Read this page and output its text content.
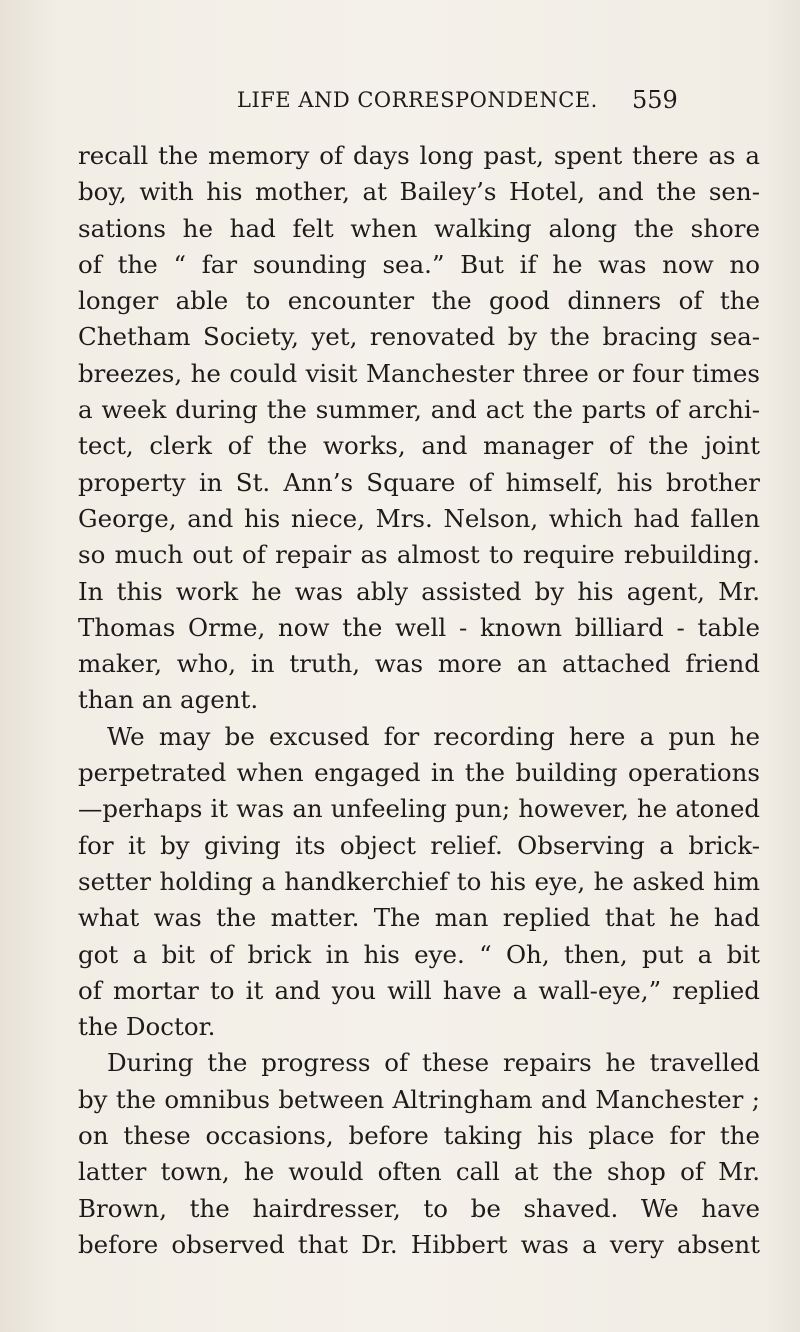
LIFE AND CORRESPONDENCE. 559
recall the memory of days long past, spent there as a
boy, with his mother, at Bailey’s Hotel, and the sen-
sations he had felt when walking along the shore
of the “ far sounding sea.” But if he was now no
longer able to encounter the good dinners of the
Chetham Society, yet, renovated by the bracing sea-
breezes, he could visit Manchester three or four times
a week during the summer, and act the parts of archi-
tect, clerk of the works, and manager of the joint
property in St. Ann’s Square of himself, his brother
George, and his niece, Mrs. Nelson, which had fallen
so much out of repair as almost to require rebuilding.
In this work he was ably assisted by his agent, Mr.
Thomas Orme, now the well - known billiard - table
maker, who, in truth, was more an attached friend
than an agent.
We may be excused for recording here a pun he
perpetrated when engaged in the building operations
—perhaps it was an unfeeling pun; however, he atoned
for it by giving its object relief. Observing a brick-
setter holding a handkerchief to his eye, he asked him
what was the matter. The man replied that he had
got a bit of brick in his eye. “ Oh, then, put a bit
of mortar to it and you will have a wall-eye,” replied
the Doctor.
During the progress of these repairs he travelled
by the omnibus between Altringham and Manchester ;
on these occasions, before taking his place for the
latter town, he would often call at the shop of Mr.
Brown, the hairdresser, to be shaved. We have
before observed that Dr. Hibbert was a very absent
